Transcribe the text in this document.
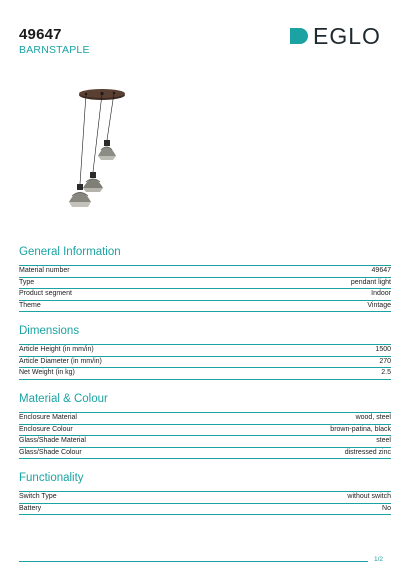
49647
BARNSTAPLE
EGLO
General Information
Material number	49647
Type	pendant light
Product segment	Indoor
Theme	Vintage
Dimensions
Article Height (in mm/in)	1500
Article Diameter (in mm/in)	270
Net Weight (in kg)	2.5
Material & Colour
Enclosure Material	wood, steel
Enclosure Colour	brown-patina, black
Glass/Shade Material	steel
Glass/Shade Colour	distressed zinc
Functionality
Switch Type	without switch
Battery	No
1/2
